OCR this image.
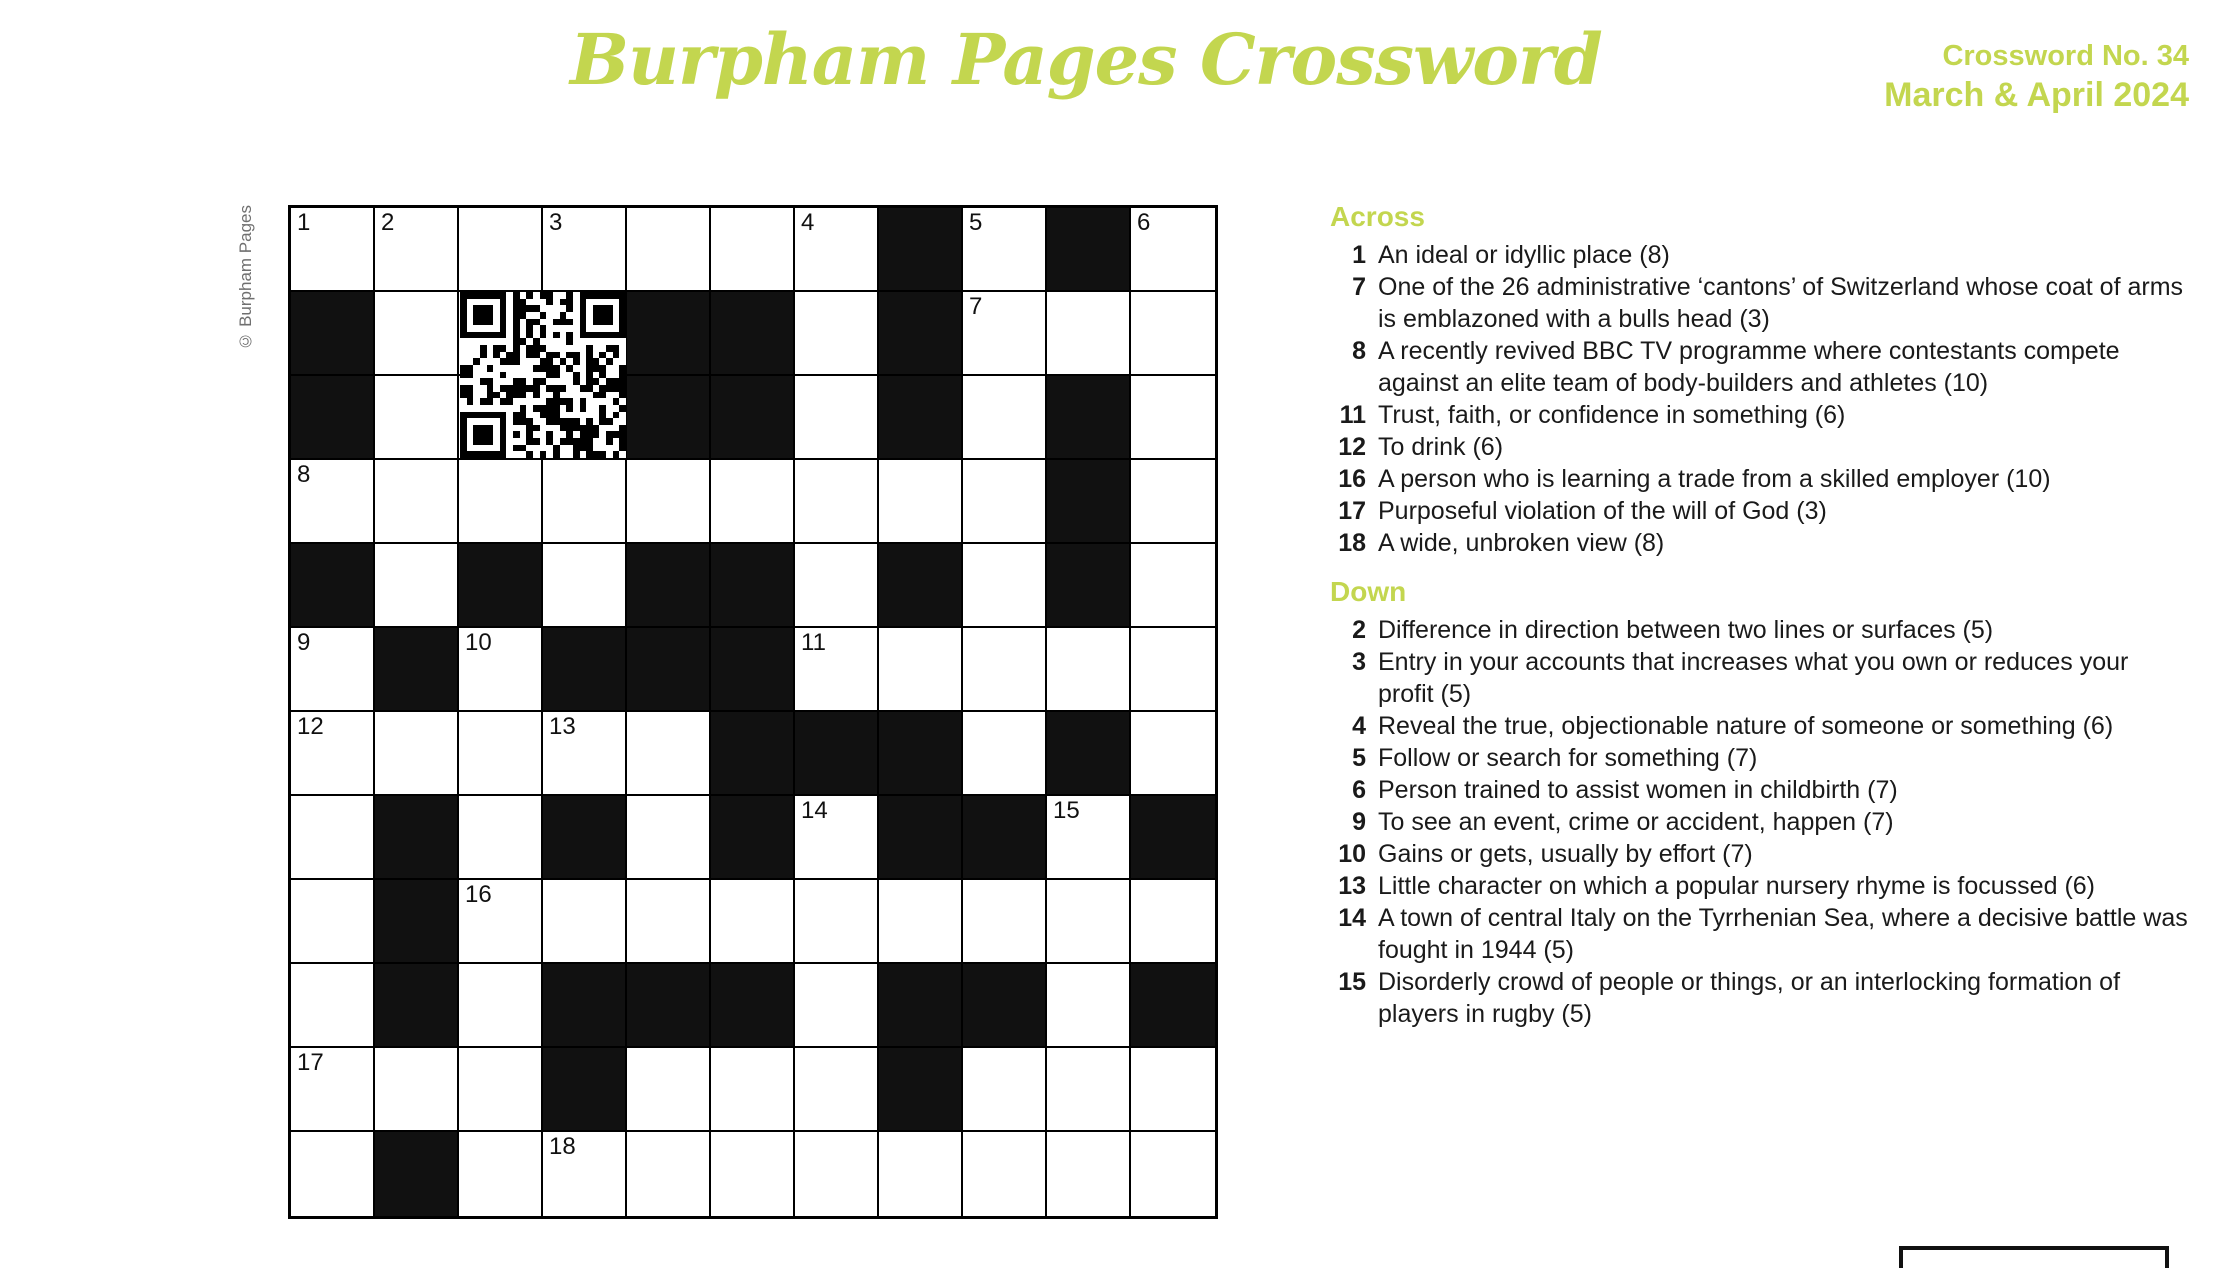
Burpham Pages Crossword	Crossword No. 34
March & April 2024
© Burpham Pages 1	2	3	4	5	6
7
8
9	10	11
12	13
14	15
16
17
18
Across
1 An ideal or idyllic place (8)
7 One of the 26 administrative ‘cantons’ of Switzerland whose coat of arms is emblazoned with a bulls head (3)
8 A recently revived BBC TV programme where contestants compete against an elite team of body-builders and athletes (10)
11 Trust, faith, or confidence in something (6)
12 To drink (6)
16 A person who is learning a trade from a skilled employer (10)
17 Purposeful violation of the will of God (3)
18 A wide, unbroken view (8)
Down
2 Difference in direction between two lines or surfaces (5)
3 Entry in your accounts that increases what you own or reduces your profit (5)
4 Reveal the true, objectionable nature of someone or something (6)
5 Follow or search for something (7)
6 Person trained to assist women in childbirth (7)
9 To see an event, crime or accident, happen (7)
10 Gains or gets, usually by effort (7)
13 Little character on which a popular nursery rhyme is focussed (6)
14 A town of central Italy on the Tyrrhenian Sea, where a decisive battle was fought in 1944 (5)
15 Disorderly crowd of people or things, or an interlocking formation of players in rugby (5)
